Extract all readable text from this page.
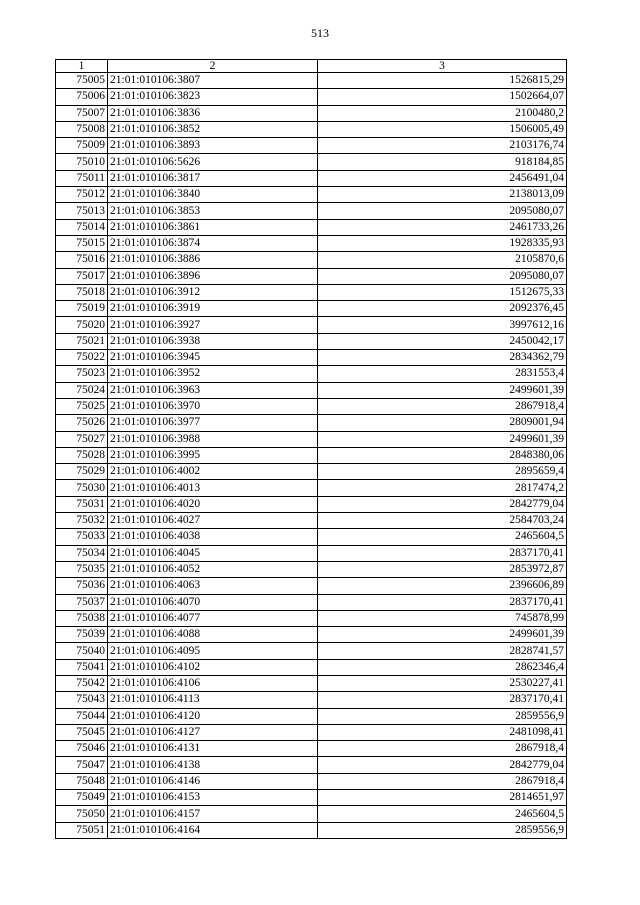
513
1	2	3
75005	21:01:010106:3807	1526815,29
75006	21:01:010106:3823	1502664,07
75007	21:01:010106:3836	2100480,2
75008	21:01:010106:3852	1506005,49
75009	21:01:010106:3893	2103176,74
75010	21:01:010106:5626	918184,85
75011	21:01:010106:3817	2456491,04
75012	21:01:010106:3840	2138013,09
75013	21:01:010106:3853	2095080,07
75014	21:01:010106:3861	2461733,26
75015	21:01:010106:3874	1928335,93
75016	21:01:010106:3886	2105870,6
75017	21:01:010106:3896	2095080,07
75018	21:01:010106:3912	1512675,33
75019	21:01:010106:3919	2092376,45
75020	21:01:010106:3927	3997612,16
75021	21:01:010106:3938	2450042,17
75022	21:01:010106:3945	2834362,79
75023	21:01:010106:3952	2831553,4
75024	21:01:010106:3963	2499601,39
75025	21:01:010106:3970	2867918,4
75026	21:01:010106:3977	2809001,94
75027	21:01:010106:3988	2499601,39
75028	21:01:010106:3995	2848380,06
75029	21:01:010106:4002	2895659,4
75030	21:01:010106:4013	2817474,2
75031	21:01:010106:4020	2842779,04
75032	21:01:010106:4027	2584703,24
75033	21:01:010106:4038	2465604,5
75034	21:01:010106:4045	2837170,41
75035	21:01:010106:4052	2853972,87
75036	21:01:010106:4063	2396606,89
75037	21:01:010106:4070	2837170,41
75038	21:01:010106:4077	745878,99
75039	21:01:010106:4088	2499601,39
75040	21:01:010106:4095	2828741,57
75041	21:01:010106:4102	2862346,4
75042	21:01:010106:4106	2530227,41
75043	21:01:010106:4113	2837170,41
75044	21:01:010106:4120	2859556,9
75045	21:01:010106:4127	2481098,41
75046	21:01:010106:4131	2867918,4
75047	21:01:010106:4138	2842779,04
75048	21:01:010106:4146	2867918,4
75049	21:01:010106:4153	2814651,97
75050	21:01:010106:4157	2465604,5
75051	21:01:010106:4164	2859556,9
